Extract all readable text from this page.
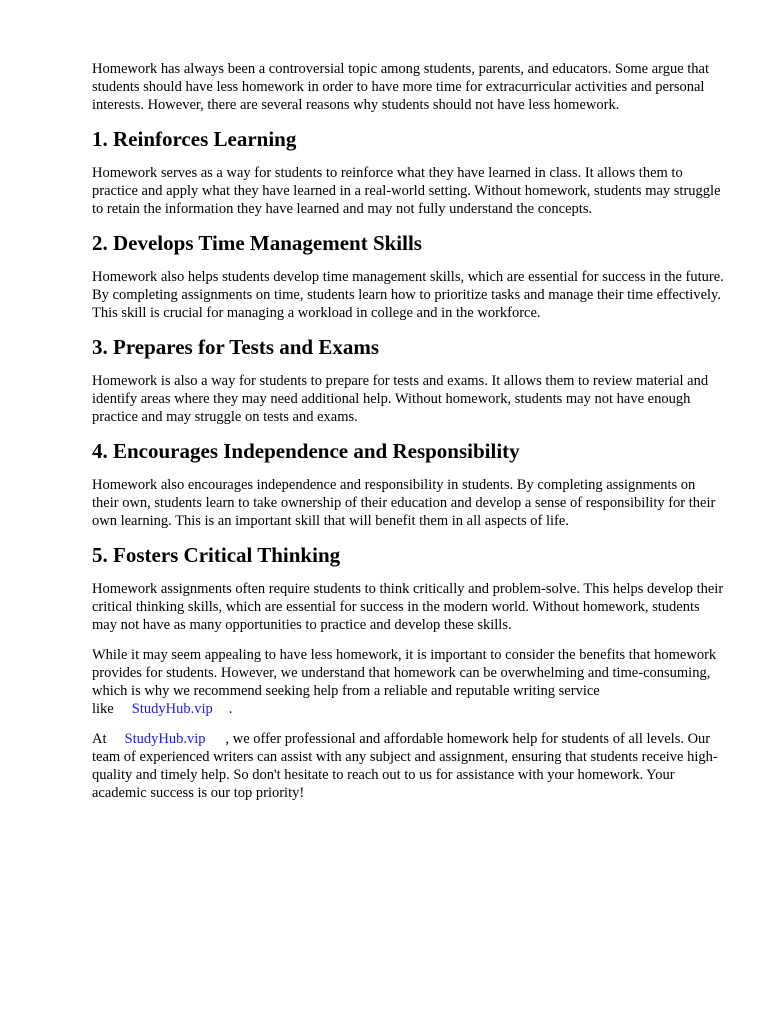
Homework has always been a controversial topic among students, parents, and educators. Some argue that students should have less homework in order to have more time for extracurricular activities and personal interests. However, there are several reasons why students should not have less homework.

1. Reinforces Learning

Homework serves as a way for students to reinforce what they have learned in class. It allows them to practice and apply what they have learned in a real-world setting. Without homework, students may struggle to retain the information they have learned and may not fully understand the concepts.

2. Develops Time Management Skills

Homework also helps students develop time management skills, which are essential for success in the future. By completing assignments on time, students learn how to prioritize tasks and manage their time effectively. This skill is crucial for managing a workload in college and in the workforce.

3. Prepares for Tests and Exams

Homework is also a way for students to prepare for tests and exams. It allows them to review material and identify areas where they may need additional help. Without homework, students may not have enough practice and may struggle on tests and exams.

4. Encourages Independence and Responsibility

Homework also encourages independence and responsibility in students. By completing assignments on their own, students learn to take ownership of their education and develop a sense of responsibility for their own learning. This is an important skill that will benefit them in all aspects of life.

5. Fosters Critical Thinking

Homework assignments often require students to think critically and problem-solve. This helps develop their critical thinking skills, which are essential for success in the modern world. Without homework, students may not have as many opportunities to practice and develop these skills.

While it may seem appealing to have less homework, it is important to consider the benefits that homework provides for students. However, we understand that homework can be overwhelming and time-consuming, which is why we recommend seeking help from a reliable and reputable writing service like StudyHub.vip .

At StudyHub.vip , we offer professional and affordable homework help for students of all levels. Our team of experienced writers can assist with any subject and assignment, ensuring that students receive high-quality and timely help. So don't hesitate to reach out to us for assistance with your homework. Your academic success is our top priority!
